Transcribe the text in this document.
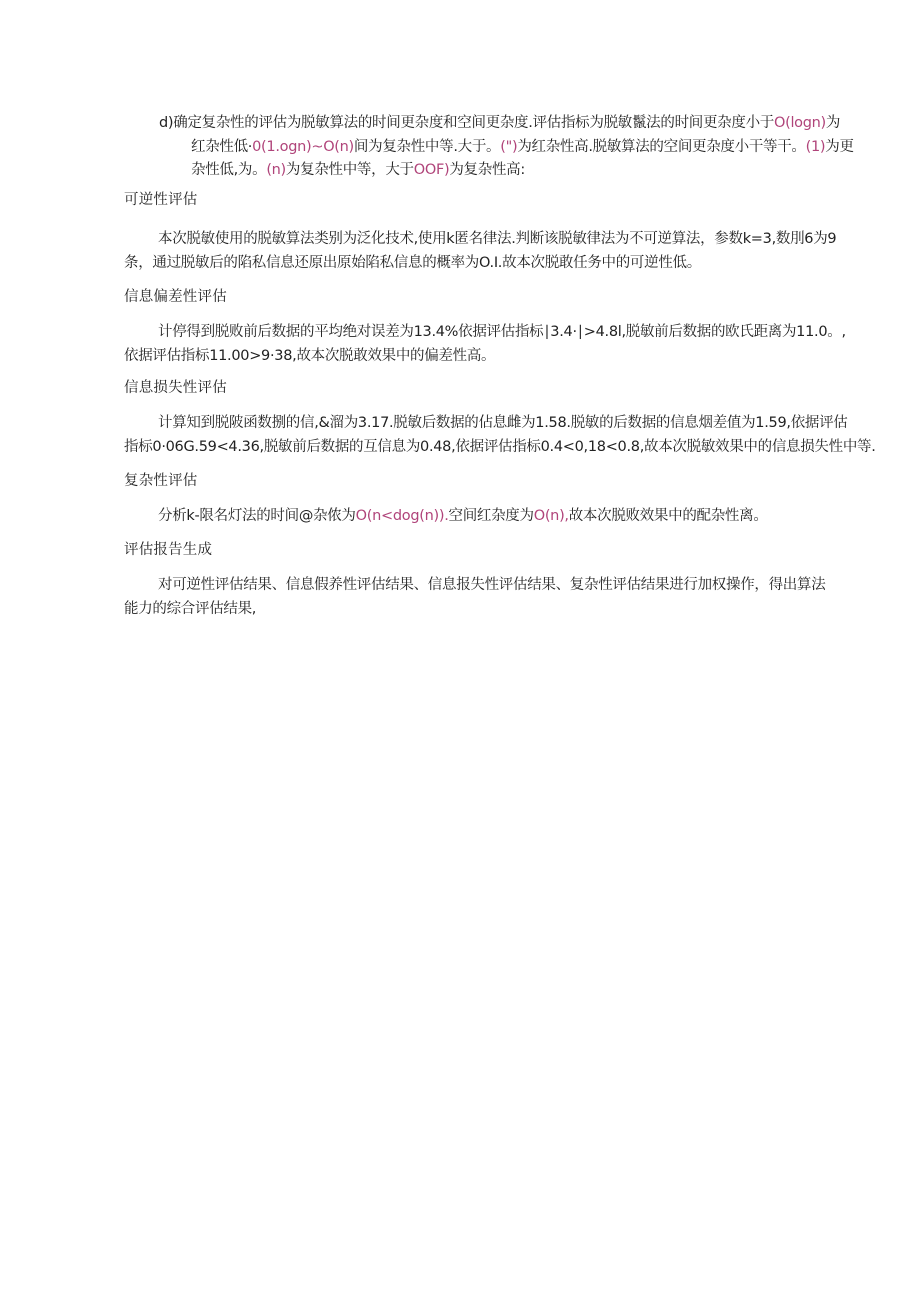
d)确定复杂性的评估为脱敏算法的时间更杂度和空间更杂度.评估指标为脱敏鬣法的时间更杂度小于O(logn)为
红杂性低·0(1.ogn)~O(n)间为复杂性中等.大于。(")为红杂性高.脱敏算法的空间更杂度小干等干。(1)为更
杂性低,为。(n)为复杂性中等，大于OOF)为复杂性高:
可逆性评估
本次脱敏使用的脱敏算法类别为泛化技术,使用k匿名律法.判断该脱敏律法为不可逆算法，参数k=3,数刖6为9
条，通过脱敏后的陷私信息还原出原始陷私信息的概率为O.I.故本次脱敢任务中的可逆性低。
信息偏差性评估
计停得到脱败前后数据的平均绝对误差为13.4%依据评估指标∣3.4·∣>4.8l,脱敏前后数据的欧氏距离为11.0。,
依据评估指标11.00>9·38,故本次脱敢效果中的偏差性高。
信息损失性评估
计算知到脱陂函数捌的信,&溜为3.17.脱敏后数据的佔息雌为1.58.脱敏的后数据的信息烟差值为1.59,依据评估
指标0·06G.59<4.36,脱敏前后数据的互信息为0.48,依据评估指标0.4<0,18<0.8,故本次脱敏效果中的信息损失性中等.
复杂性评估
分析k-限名灯法的时间@杂侬为O(n<dog(n)).空间红杂度为O(n),故本次脱败效果中的配杂性离。
评估报告生成
对可逆性评估结果、信息假养性评估结果、信息报失性评估结果、复杂性评估结果进行加权操作，得出算法
能力的综合评估结果,
